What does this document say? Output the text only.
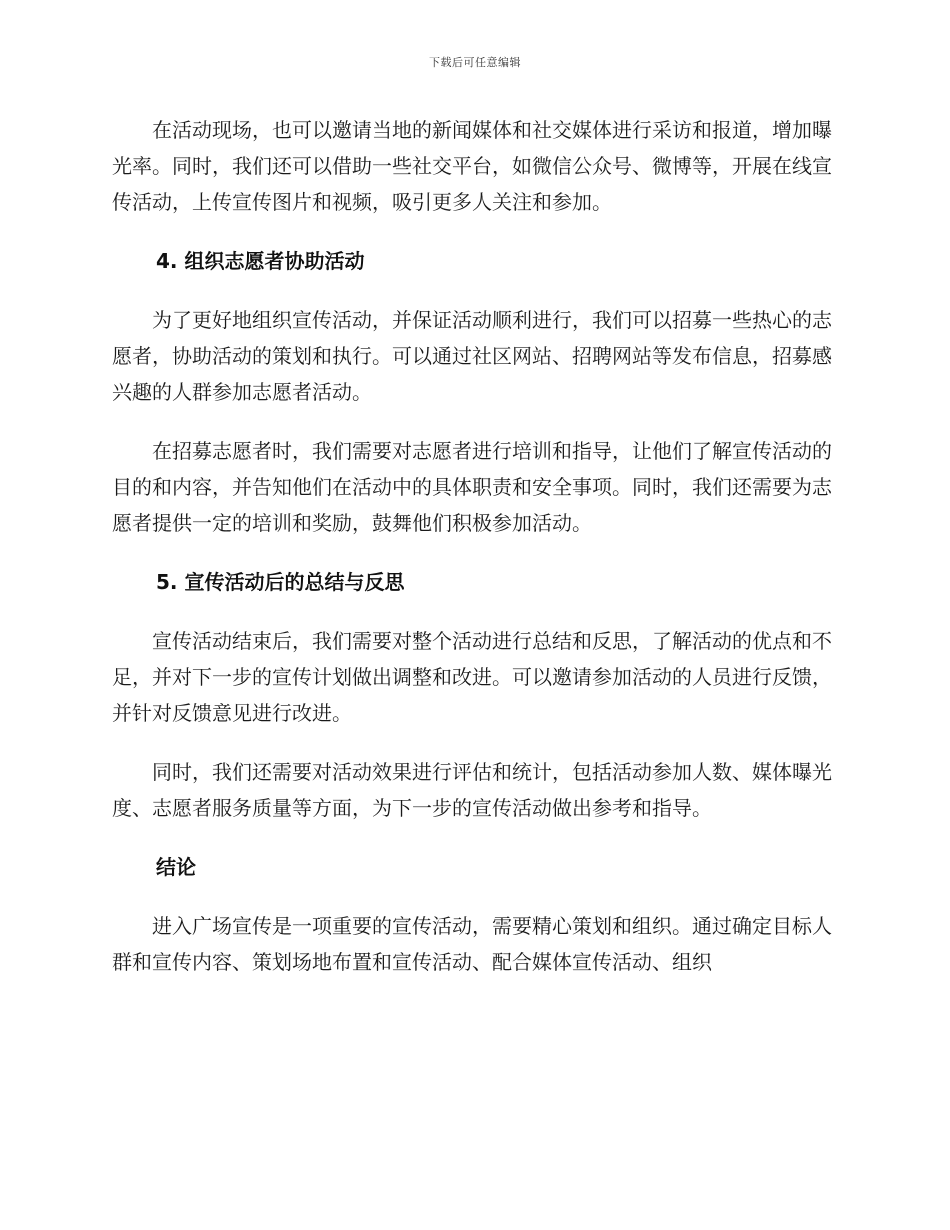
下载后可任意编辑

在活动现场，也可以邀请当地的新闻媒体和社交媒体进行采访和报道，增加曝光率。同时，我们还可以借助一些社交平台，如微信公众号、微博等，开展在线宣传活动，上传宣传图片和视频，吸引更多人关注和参加。

4. 组织志愿者协助活动

为了更好地组织宣传活动，并保证活动顺利进行，我们可以招募一些热心的志愿者，协助活动的策划和执行。可以通过社区网站、招聘网站等发布信息，招募感兴趣的人群参加志愿者活动。

在招募志愿者时，我们需要对志愿者进行培训和指导，让他们了解宣传活动的目的和内容，并告知他们在活动中的具体职责和安全事项。同时，我们还需要为志愿者提供一定的培训和奖励，鼓舞他们积极参加活动。

5. 宣传活动后的总结与反思

宣传活动结束后，我们需要对整个活动进行总结和反思，了解活动的优点和不足，并对下一步的宣传计划做出调整和改进。可以邀请参加活动的人员进行反馈，并针对反馈意见进行改进。

同时，我们还需要对活动效果进行评估和统计，包括活动参加人数、媒体曝光度、志愿者服务质量等方面，为下一步的宣传活动做出参考和指导。

结论

进入广场宣传是一项重要的宣传活动，需要精心策划和组织。通过确定目标人群和宣传内容、策划场地布置和宣传活动、配合媒体宣传活动、组织
